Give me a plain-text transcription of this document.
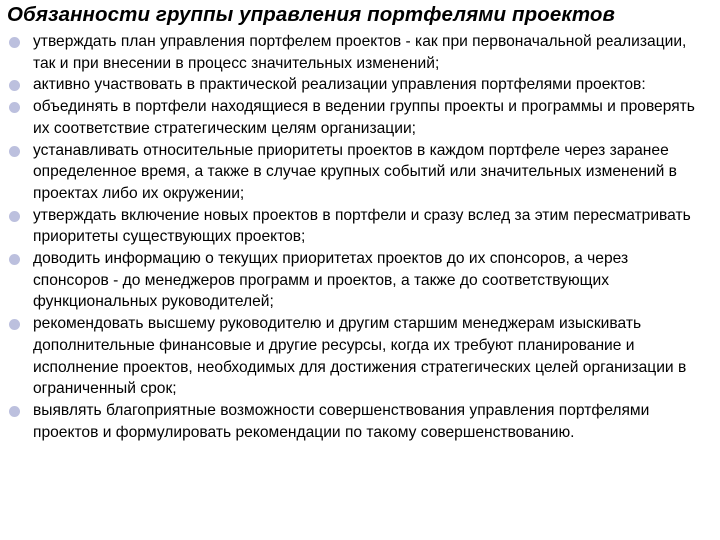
Обязанности группы управления портфелями проектов
утверждать план управления портфелем проектов - как при первоначальной реализации, так и при внесении в процесс значительных изменений;
активно участвовать в практической реализации управления портфелями проектов:
объединять в портфели находящиеся в ведении группы проекты и программы и проверять их соответствие стратегическим целям организации;
устанавливать относительные приоритеты проектов в каждом портфеле через заранее определенное время, а также в случае крупных событий или значительных изменений в проектах либо их окружении;
утверждать включение новых проектов в портфели и сразу вслед за этим пересматривать приоритеты существующих проектов;
доводить информацию о текущих приоритетах проектов до их спонсоров, а через спонсоров - до менеджеров программ и проектов, а также до соответствующих функциональных руководителей;
рекомендовать высшему руководителю и другим старшим менеджерам изыскивать дополнительные финансовые и другие ресурсы, когда их требуют планирование и исполнение проектов, необходимых для достижения стратегических целей организации в ограниченный срок;
выявлять благоприятные возможности совершенствования управления портфелями проектов и формулировать рекомендации по такому совершенствованию.
